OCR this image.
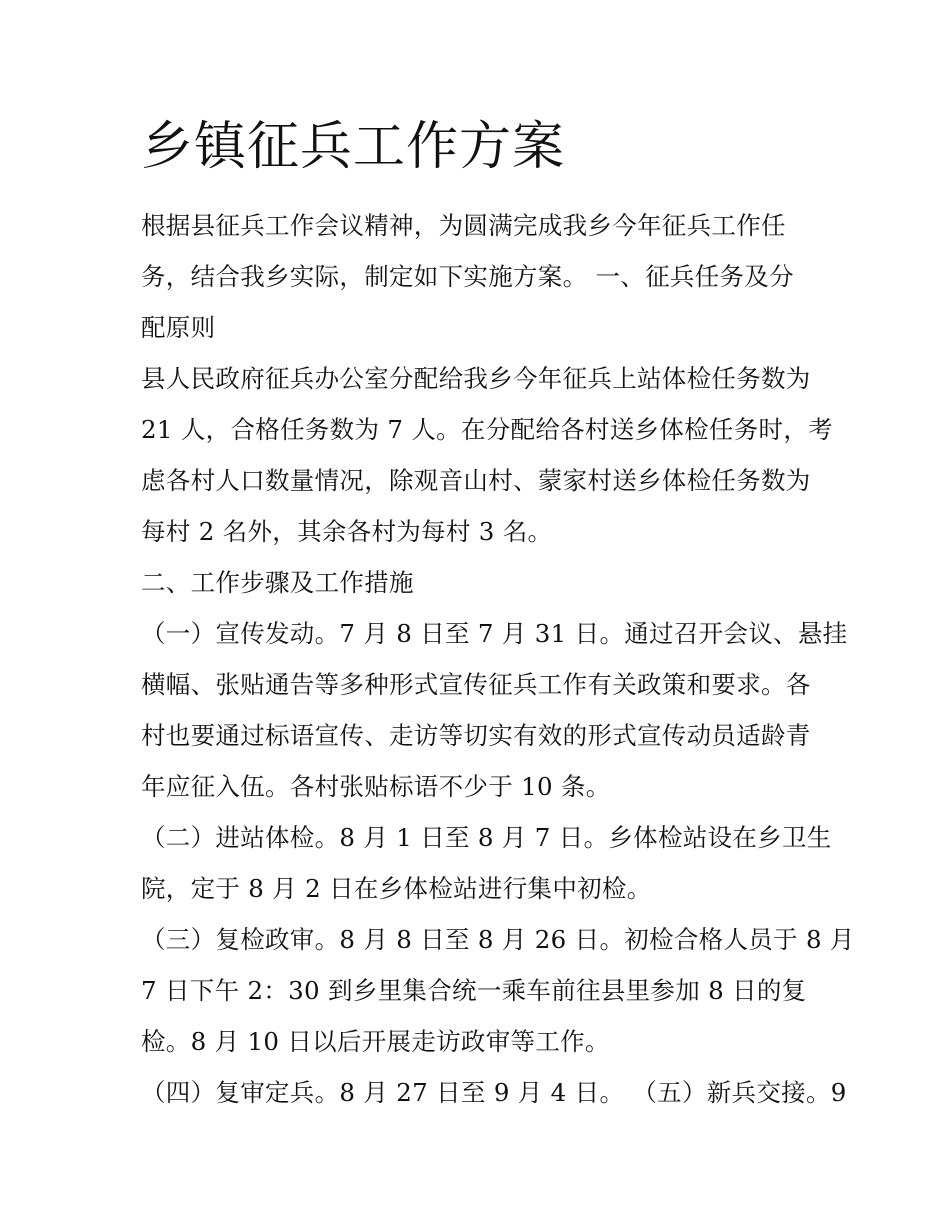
乡镇征兵工作方案
根据县征兵工作会议精神，为圆满完成我乡今年征兵工作任
务，结合我乡实际，制定如下实施方案。 一、征兵任务及分
配原则
县人民政府征兵办公室分配给我乡今年征兵上站体检任务数为
21 人，合格任务数为 7 人。在分配给各村送乡体检任务时，考
虑各村人口数量情况，除观音山村、蒙家村送乡体检任务数为
每村 2 名外，其余各村为每村 3 名。
二、工作步骤及工作措施
（一）宣传发动。7 月 8 日至 7 月 31 日。通过召开会议、悬挂
横幅、张贴通告等多种形式宣传征兵工作有关政策和要求。各
村也要通过标语宣传、走访等切实有效的形式宣传动员适龄青
年应征入伍。各村张贴标语不少于 10 条。
（二）进站体检。8 月 1 日至 8 月 7 日。乡体检站设在乡卫生
院，定于 8 月 2 日在乡体检站进行集中初检。
（三）复检政审。8 月 8 日至 8 月 26 日。初检合格人员于 8 月
7 日下午 2：30 到乡里集合统一乘车前往县里参加 8 日的复
检。8 月 10 日以后开展走访政审等工作。
（四）复审定兵。8 月 27 日至 9 月 4 日。 （五）新兵交接。9
